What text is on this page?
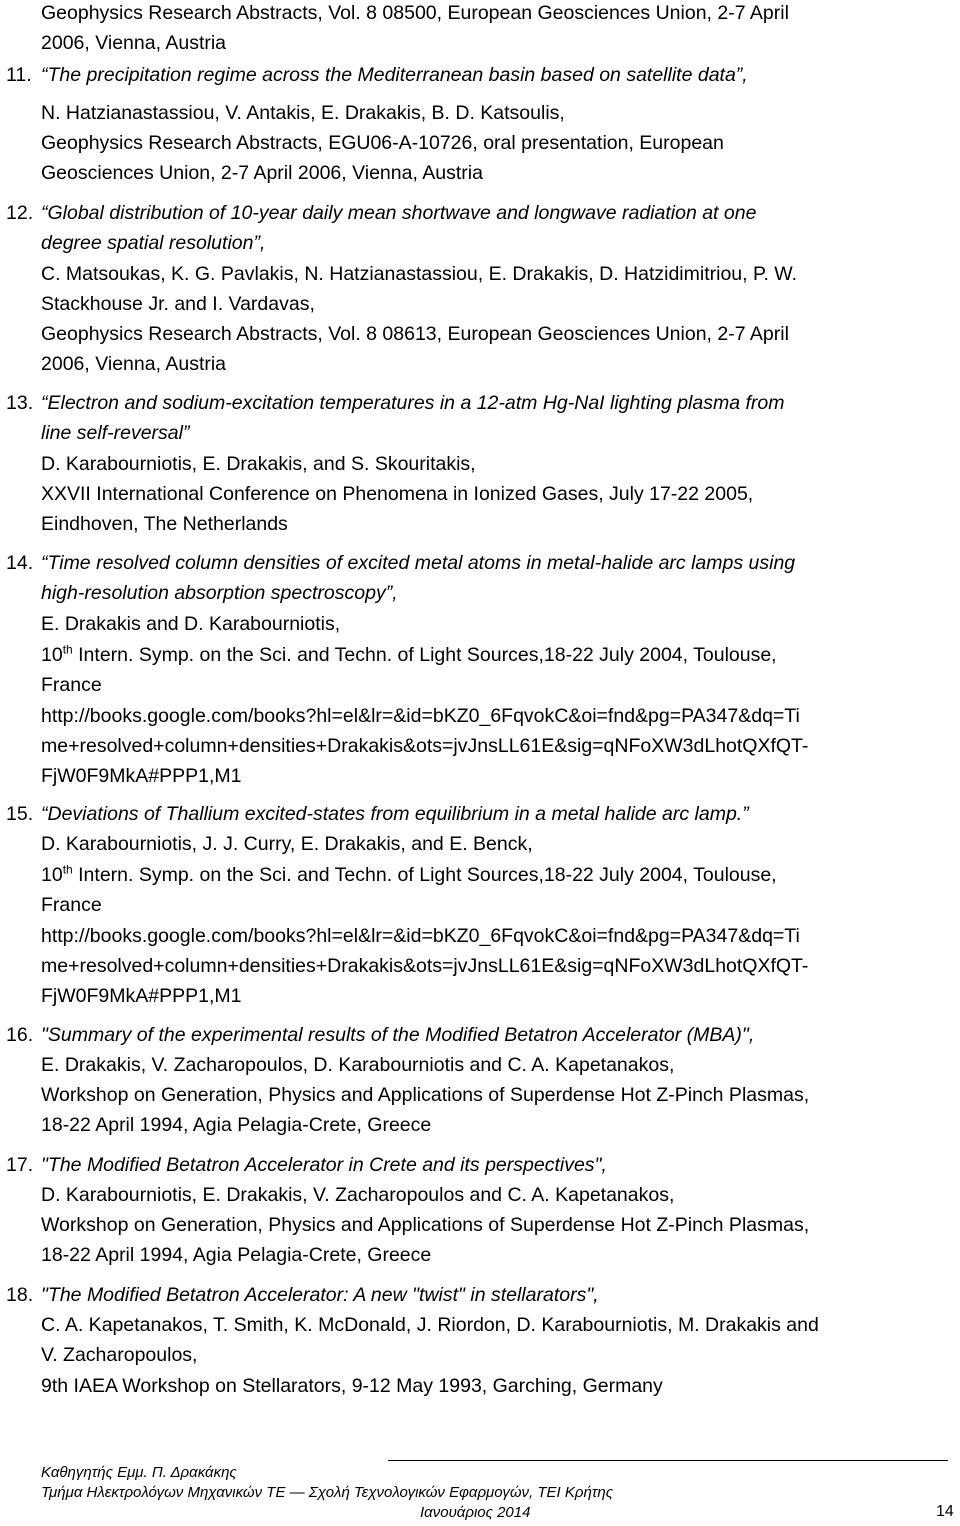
Geophysics Research Abstracts, Vol. 8 08500, European Geosciences Union, 2-7 April
2006, Vienna, Austria
11. “The precipitation regime across the Mediterranean basin based on satellite data”,
N. Hatzianastassiou, V. Antakis, E. Drakakis, B. D. Katsoulis,
Geophysics Research Abstracts, EGU06-A-10726, oral presentation, European
Geosciences Union, 2-7 April 2006, Vienna, Austria
12. “Global distribution of 10-year daily mean shortwave and longwave radiation at one
degree spatial resolution”,
C. Matsoukas, K. G. Pavlakis, N. Hatzianastassiou, E. Drakakis, D. Hatzidimitriou, P. W.
Stackhouse Jr. and I. Vardavas,
Geophysics Research Abstracts, Vol. 8 08613, European Geosciences Union, 2-7 April
2006, Vienna, Austria
13. “Electron and sodium-excitation temperatures in a 12-atm Hg-NaI lighting plasma from
line self-reversal”
D. Karabourniotis, E. Drakakis, and S. Skouritakis,
XXVII International Conference on Phenomena in Ionized Gases, July 17-22 2005,
Eindhoven, The Netherlands
14. “Time resolved column densities of excited metal atoms in metal-halide arc lamps using
high-resolution absorption spectroscopy”,
E. Drakakis and D. Karabourniotis,
10th Intern. Symp. on the Sci. and Techn. of Light Sources,18-22 July 2004, Toulouse,
France
http://books.google.com/books?hl=el&lr=&id=bKZ0_6FqvokC&oi=fnd&pg=PA347&dq=Ti
me+resolved+column+densities+Drakakis&ots=jvJnsLL61E&sig=qNFoXW3dLhotQXfQT-
FjW0F9MkA#PPP1,M1
15. “Deviations of Thallium excited-states from equilibrium in a metal halide arc lamp.”
D. Karabourniotis, J. J. Curry, E. Drakakis, and E. Benck,
10th Intern. Symp. on the Sci. and Techn. of Light Sources,18-22 July 2004, Toulouse,
France
http://books.google.com/books?hl=el&lr=&id=bKZ0_6FqvokC&oi=fnd&pg=PA347&dq=Ti
me+resolved+column+densities+Drakakis&ots=jvJnsLL61E&sig=qNFoXW3dLhotQXfQT-
FjW0F9MkA#PPP1,M1
16. "Summary of the experimental results of the Modified Betatron Accelerator (MBA)",
E. Drakakis, V. Zacharopoulos, D. Karabourniotis and C. A. Kapetanakos,
Workshop on Generation, Physics and Applications of Superdense Hot Z-Pinch Plasmas,
18-22 April 1994, Agia Pelagia-Crete, Greece
17. "The Modified Betatron Accelerator in Crete and its perspectives",
D. Karabourniotis, E. Drakakis, V. Zacharopoulos and C. A. Kapetanakos,
Workshop on Generation, Physics and Applications of Superdense Hot Z-Pinch Plasmas,
18-22 April 1994, Agia Pelagia-Crete, Greece
18. "The Modified Betatron Accelerator: A new "twist" in stellarators",
C. A. Kapetanakos, T. Smith, K. McDonald, J. Riordon, D. Karabourniotis, M. Drakakis and
V. Zacharopoulos,
9th IAEA Workshop on Stellarators, 9-12 May 1993, Garching, Germany
Καθηγητής Εμμ. Π. Δρακάκης
Τμήμα Ηλεκτρολόγων Μηχανικών ΤΕ — Σχολή Τεχνολογικών Εφαρμογών, ΤΕΙ Κρήτης
Ιανουάριος 2014	14
